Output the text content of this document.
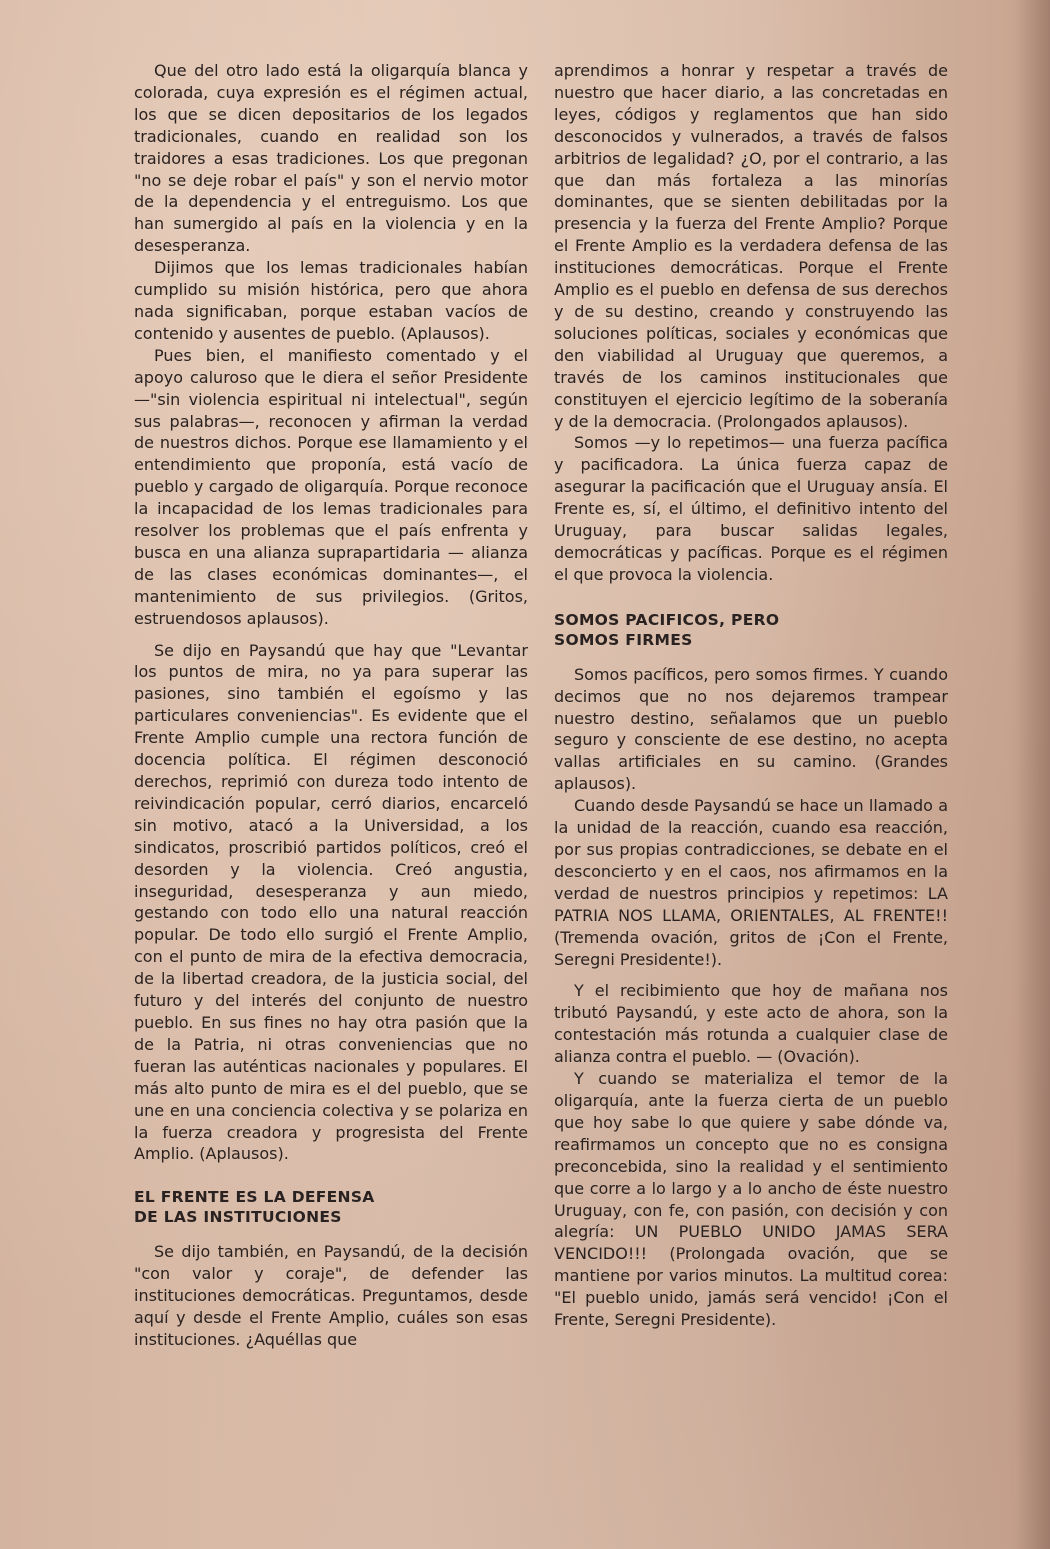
Que del otro lado está la oligarquía blanca y colorada, cuya expresión es el régimen actual, los que se dicen depositarios de los legados tradicionales, cuando en realidad son los traidores a esas tradiciones. Los que pregonan "no se deje robar el país" y son el nervio motor de la dependencia y el entreguismo. Los que han sumergido al país en la violencia y en la desesperanza.

Dijimos que los lemas tradicionales habían cumplido su misión histórica, pero que ahora nada significaban, porque estaban vacíos de contenido y ausentes de pueblo. (Aplausos).

Pues bien, el manifiesto comentado y el apoyo caluroso que le diera el señor Presidente —"sin violencia espiritual ni intelectual", según sus palabras—, reconocen y afirman la verdad de nuestros dichos. Porque ese llamamiento y el entendimiento que proponía, está vacío de pueblo y cargado de oligarquía. Porque reconoce la incapacidad de los lemas tradicionales para resolver los problemas que el país enfrenta y busca en una alianza suprapartidaria — alianza de las clases económicas dominantes—, el mantenimiento de sus privilegios. (Gritos, estruendosos aplausos).

Se dijo en Paysandú que hay que "Levantar los puntos de mira, no ya para superar las pasiones, sino también el egoísmo y las particulares conveniencias". Es evidente que el Frente Amplio cumple una rectora función de docencia política. El régimen desconoció derechos, reprimió con dureza todo intento de reivindicación popular, cerró diarios, encarceló sin motivo, atacó a la Universidad, a los sindicatos, proscribió partidos políticos, creó el desorden y la violencia. Creó angustia, inseguridad, desesperanza y aun miedo, gestando con todo ello una natural reacción popular. De todo ello surgió el Frente Amplio, con el punto de mira de la efectiva democracia, de la libertad creadora, de la justicia social, del futuro y del interés del conjunto de nuestro pueblo. En sus fines no hay otra pasión que la de la Patria, ni otras conveniencias que no fueran las auténticas nacionales y populares. El más alto punto de mira es el del pueblo, que se une en una conciencia colectiva y se polariza en la fuerza creadora y progresista del Frente Amplio. (Aplausos).

EL FRENTE ES LA DEFENSA
DE LAS INSTITUCIONES

Se dijo también, en Paysandú, de la decisión "con valor y coraje", de defender las instituciones democráticas. Preguntamos, desde aquí y desde el Frente Amplio, cuáles son esas instituciones. ¿Aquéllas que

aprendimos a honrar y respetar a través de nuestro que hacer diario, a las concretadas en leyes, códigos y reglamentos que han sido desconocidos y vulnerados, a través de falsos arbitrios de legalidad? ¿O, por el contrario, a las que dan más fortaleza a las minorías dominantes, que se sienten debilitadas por la presencia y la fuerza del Frente Amplio? Porque el Frente Amplio es la verdadera defensa de las instituciones democráticas. Porque el Frente Amplio es el pueblo en defensa de sus derechos y de su destino, creando y construyendo las soluciones políticas, sociales y económicas que den viabilidad al Uruguay que queremos, a través de los caminos institucionales que constituyen el ejercicio legítimo de la soberanía y de la democracia. (Prolongados aplausos).

Somos —y lo repetimos— una fuerza pacífica y pacificadora. La única fuerza capaz de asegurar la pacificación que el Uruguay ansía. El Frente es, sí, el último, el definitivo intento del Uruguay, para buscar salidas legales, democráticas y pacíficas. Porque es el régimen el que provoca la violencia.

SOMOS PACIFICOS, PERO
SOMOS FIRMES

Somos pacíficos, pero somos firmes. Y cuando decimos que no nos dejaremos trampear nuestro destino, señalamos que un pueblo seguro y consciente de ese destino, no acepta vallas artificiales en su camino. (Grandes aplausos).

Cuando desde Paysandú se hace un llamado a la unidad de la reacción, cuando esa reacción, por sus propias contradicciones, se debate en el desconcierto y en el caos, nos afirmamos en la verdad de nuestros principios y repetimos: LA PATRIA NOS LLAMA, ORIENTALES, AL FRENTE!! (Tremenda ovación, gritos de ¡Con el Frente, Seregni Presidente!).

Y el recibimiento que hoy de mañana nos tributó Paysandú, y este acto de ahora, son la contestación más rotunda a cualquier clase de alianza contra el pueblo. — (Ovación).

Y cuando se materializa el temor de la oligarquía, ante la fuerza cierta de un pueblo que hoy sabe lo que quiere y sabe dónde va, reafirmamos un concepto que no es consigna preconcebida, sino la realidad y el sentimiento que corre a lo largo y a lo ancho de éste nuestro Uruguay, con fe, con pasión, con decisión y con alegría: UN PUEBLO UNIDO JAMAS SERA VENCIDO!!! (Prolongada ovación, que se mantiene por varios minutos. La multitud corea: "El pueblo unido, jamás será vencido! ¡Con el Frente, Seregni Presidente).
